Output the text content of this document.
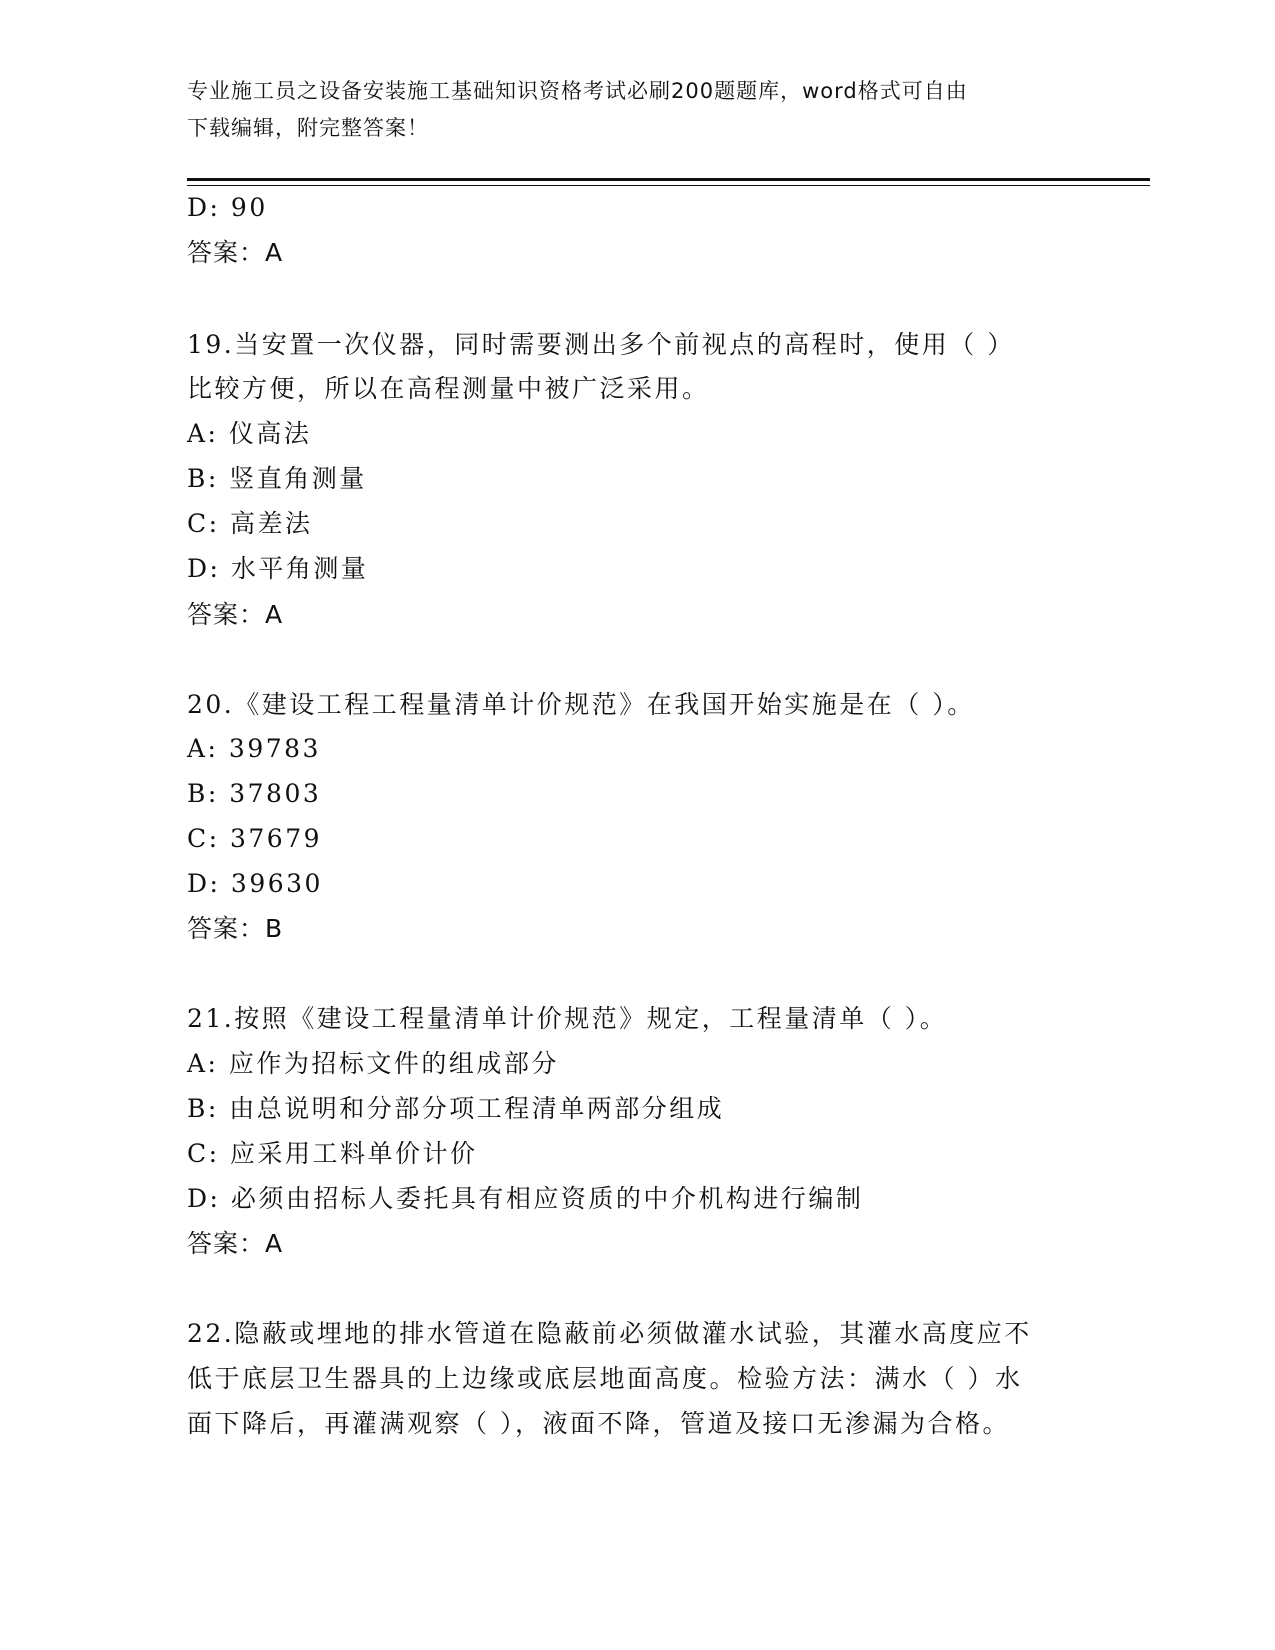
专业施工员之设备安装施工基础知识资格考试必刷200题题库，word格式可自由
下载编辑，附完整答案！
D: 90
答案：A
19.当安置一次仪器，同时需要测出多个前视点的高程时，使用（ ）
比较方便，所以在高程测量中被广泛采用。
A: 仪高法
B: 竖直角测量
C: 高差法
D: 水平角测量
答案：A
20.《建设工程工程量清单计价规范》在我国开始实施是在（ ）。
A: 39783
B: 37803
C: 37679
D: 39630
答案：B
21.按照《建设工程量清单计价规范》规定，工程量清单（ ）。
A: 应作为招标文件的组成部分
B: 由总说明和分部分项工程清单两部分组成
C: 应采用工料单价计价
D: 必须由招标人委托具有相应资质的中介机构进行编制
答案：A
22.隐蔽或埋地的排水管道在隐蔽前必须做灌水试验，其灌水高度应不
低于底层卫生器具的上边缘或底层地面高度。检验方法：满水（ ）水
面下降后，再灌满观察（ ），液面不降，管道及接口无渗漏为合格。
